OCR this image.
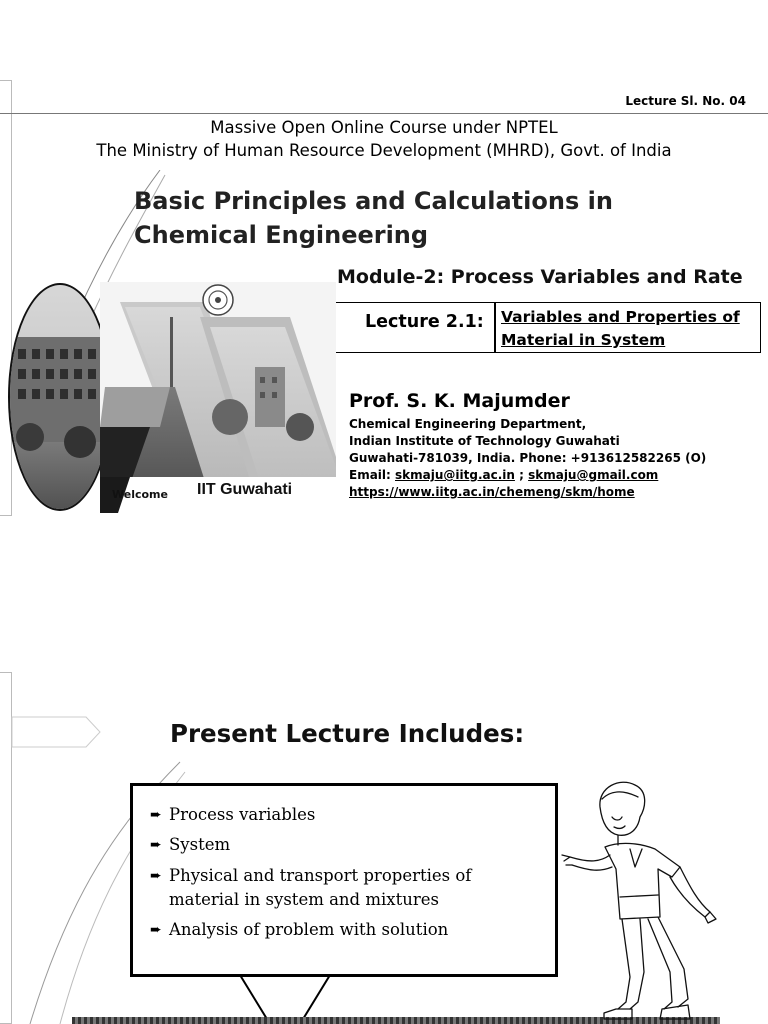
Lecture Sl. No. 04
Massive Open Online Course under NPTEL
The Ministry of Human Resource Development (MHRD), Govt. of India
Basic Principles and Calculations in
Chemical Engineering
Module-2: Process Variables and Rate
Lecture 2.1: Variables and Properties of
Material in System
Welcome IIT Guwahati
Prof. S. K. Majumder
Chemical Engineering Department,
Indian Institute of Technology Guwahati
Guwahati-781039, India. Phone: +913612582265 (O)
Email: skmaju@iitg.ac.in ; skmaju@gmail.com
https://www.iitg.ac.in/chemeng/skm/home
Present Lecture Includes:
➨ Process variables
➨ System
➨ Physical and transport properties of
material in system and mixtures
➨ Analysis of problem with solution
